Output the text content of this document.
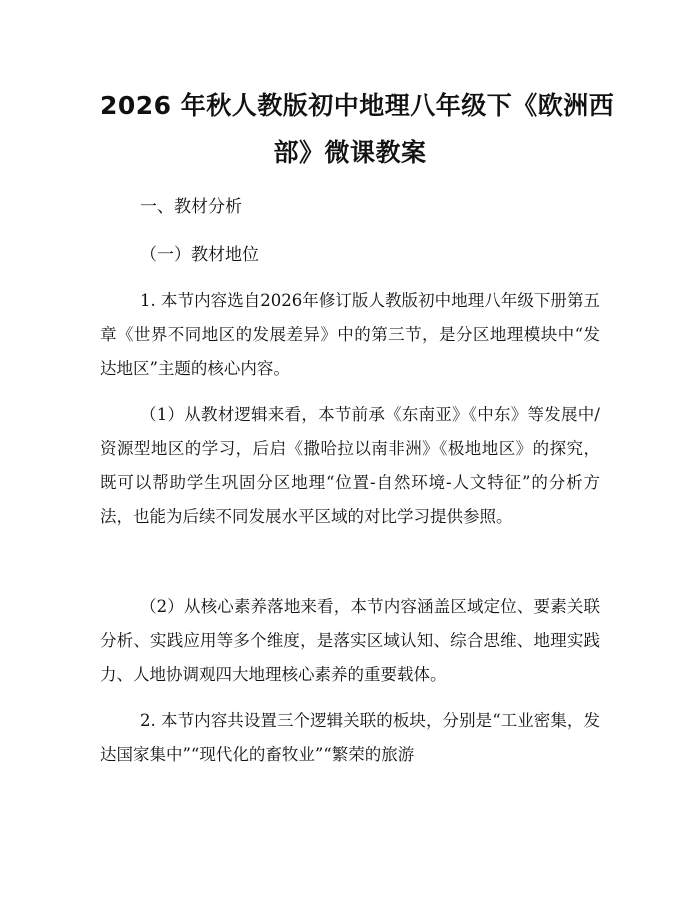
2026 年秋人教版初中地理八年级下《欧洲西
部》微课教案
一、教材分析
（一）教材地位

1. 本节内容选自2026年修订版人教版初中地理八年级下册第五章《世界不同地区的发展差异》中的第三节，是分区地理模块中“发达地区”主题的核心内容。

（1）从教材逻辑来看，本节前承《东南亚》《中东》等发展中/资源型地区的学习，后启《撒哈拉以南非洲》《极地地区》的探究，既可以帮助学生巩固分区地理“位置-自然环境-人文特征”的分析方法，也能为后续不同发展水平区域的对比学习提供参照。

（2）从核心素养落地来看，本节内容涵盖区域定位、要素关联分析、实践应用等多个维度，是落实区域认知、综合思维、地理实践力、人地协调观四大地理核心素养的重要载体。

2. 本节内容共设置三个逻辑关联的板块，分别是“工业密集，发达国家集中”“现代化的畜牧业”“繁荣的旅游
